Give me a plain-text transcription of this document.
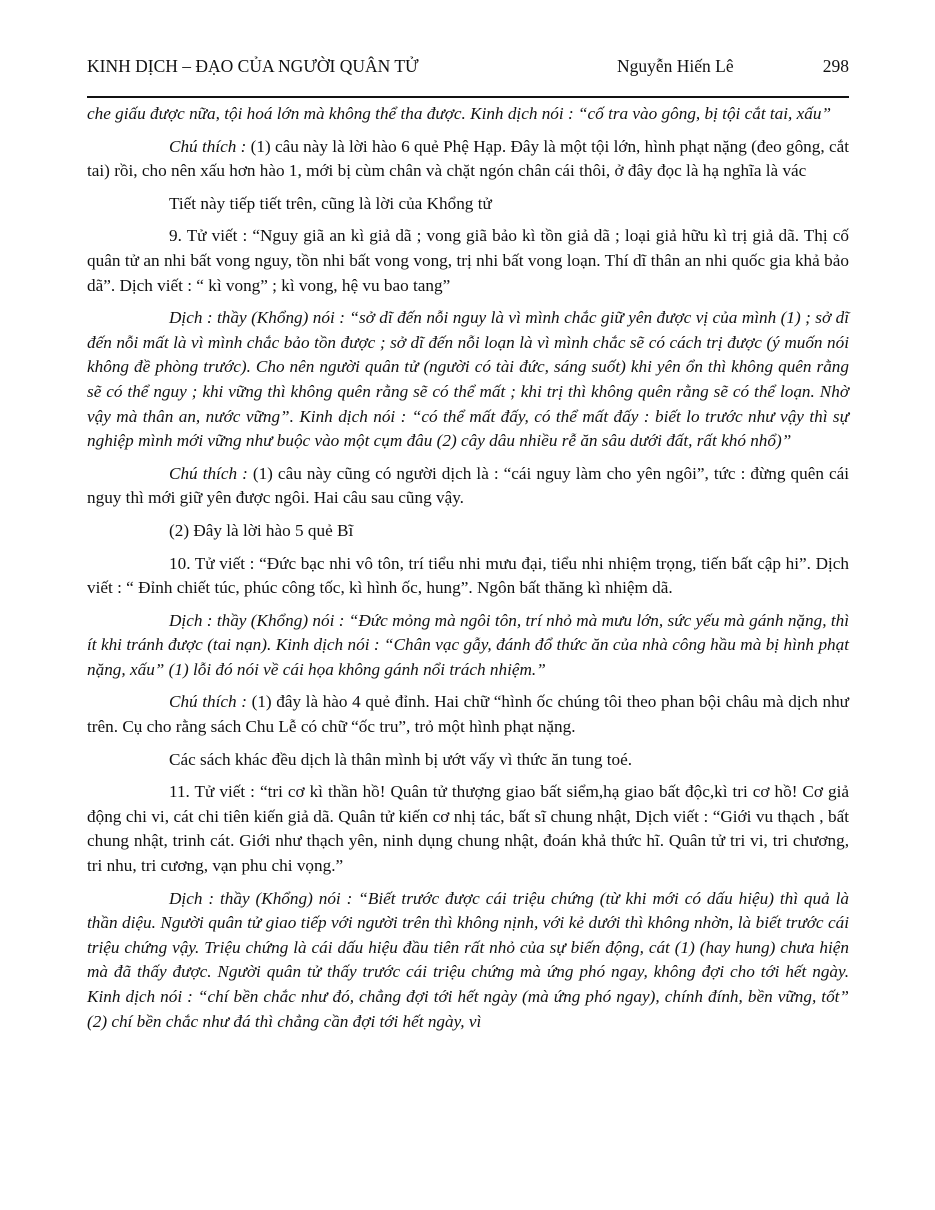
KINH DỊCH – ĐẠO CỦA NGƯỜI QUÂN TỬ	Nguyễn Hiến Lê	298

che giấu được nữa, tội hoá lớn mà không thể tha được. Kinh dịch nói : “cố tra vào gông, bị tội cắt tai, xấu”

Chú thích : (1) câu này là lời hào 6 quẻ Phệ Hạp. Đây là một tội lớn, hình phạt nặng (đeo gông, cắt tai) rồi, cho nên xấu hơn hào 1, mới bị cùm chân và chặt ngón chân cái thôi, ở đây đọc là hạ nghĩa là vác

Tiết này tiếp tiết trên, cũng là lời của Khổng tử

9. Tử viết : “Nguy giã an kì giả dã ; vong giã bảo kì tồn giả dã ; loại giả hữu kì trị giả dã. Thị cố quân tử an nhi bất vong nguy, tồn nhi bất vong vong, trị nhi bất vong loạn. Thí dĩ thân an nhi quốc gia khả bảo dã”. Dịch viết : “ kì vong” ; kì vong, hệ vu bao tang”

Dịch : thầy (Khổng) nói : “sở dĩ đến nỗi nguy là vì mình chắc giữ yên được vị của mình (1) ; sở dĩ đến nỗi mất là vì mình chắc bảo tồn được ; sở dĩ đến nỗi loạn là vì mình chắc sẽ có cách trị được (ý muốn nói không đề phòng trước). Cho nên người quân tử (người có tài đức, sáng suốt) khi yên ổn thì không quên rằng sẽ có thể nguy ; khi vững thì không quên rằng sẽ có thể mất ; khi trị thì không quên rằng sẽ có thể loạn. Nhờ vậy mà thân an, nước vững”. Kinh dịch nói : “có thể mất đấy, có thể mất đấy : biết lo trước như vậy thì sự nghiệp mình mới vững như buộc vào một cụm đâu (2) cây dâu nhiều rễ ăn sâu dưới đất, rất khó nhổ)”

Chú thích : (1) câu này cũng có người dịch là : “cái nguy làm cho yên ngôi”, tức : đừng quên cái nguy thì mới giữ yên được ngôi. Hai câu sau cũng vậy.

(2) Đây là lời hào 5 quẻ Bĩ

10. Tử viết : “Đức bạc nhi vô tôn, trí tiểu nhi mưu đại, tiểu nhi nhiệm trọng, tiến bất cập hi”. Dịch viết : “ Đỉnh chiết túc, phúc công tốc, kì hình ốc, hung”. Ngôn bất thăng kì nhiệm dã.

Dịch : thầy (Khổng) nói : “Đức mỏng mà ngôi tôn, trí nhỏ mà mưu lớn, sức yếu mà gánh nặng, thì ít khi tránh được (tai nạn). Kinh dịch nói : “Chân vạc gẫy, đánh đổ thức ăn của nhà công hầu mà bị hình phạt nặng, xấu” (1) lỗi đó nói về cái họa không gánh nổi trách nhiệm.”

Chú thích : (1) đây là hào 4 quẻ đỉnh. Hai chữ “hình ốc chúng tôi theo phan bội châu mà dịch như trên. Cụ cho rằng sách Chu Lễ có chữ “ốc tru”, trỏ một hình phạt nặng.

Các sách khác đều dịch là thân mình bị ướt vấy vì thức ăn tung toé.

11. Tử viết : “tri cơ kì thần hồ! Quân tử thượng giao bất siểm,hạ giao bất độc,kì tri cơ hồ! Cơ giả động chi vi, cát chi tiên kiến giả dã. Quân tử kiến cơ nhị tác, bất sĩ chung nhật, Dịch viết : “Giới vu thạch , bất chung nhật, trinh cát. Giới như thạch yên, ninh dụng chung nhật, đoán khả thức hĩ. Quân tử tri vi, tri chương, tri nhu, tri cương, vạn phu chi vọng.”

Dịch : thầy (Khổng) nói : “Biết trước được cái triệu chứng (từ khi mới có dấu hiệu) thì quả là thần diệu. Người quân tử giao tiếp với người trên thì không nịnh, với kẻ dưới thì không nhờn, là biết trước cái triệu chứng vậy. Triệu chứng là cái dấu hiệu đầu tiên rất nhỏ của sự biến động, cát (1) (hay hung) chưa hiện mà đã thấy được. Người quân tử thấy trước cái triệu chứng mà ứng phó ngay, không đợi cho tới hết ngày. Kinh dịch nói : “chí bền chắc như đó, chẳng đợi tới hết ngày (mà ứng phó ngay), chính đính, bền vững, tốt” (2) chí bền chắc như đá thì chẳng cần đợi tới hết ngày, vì
